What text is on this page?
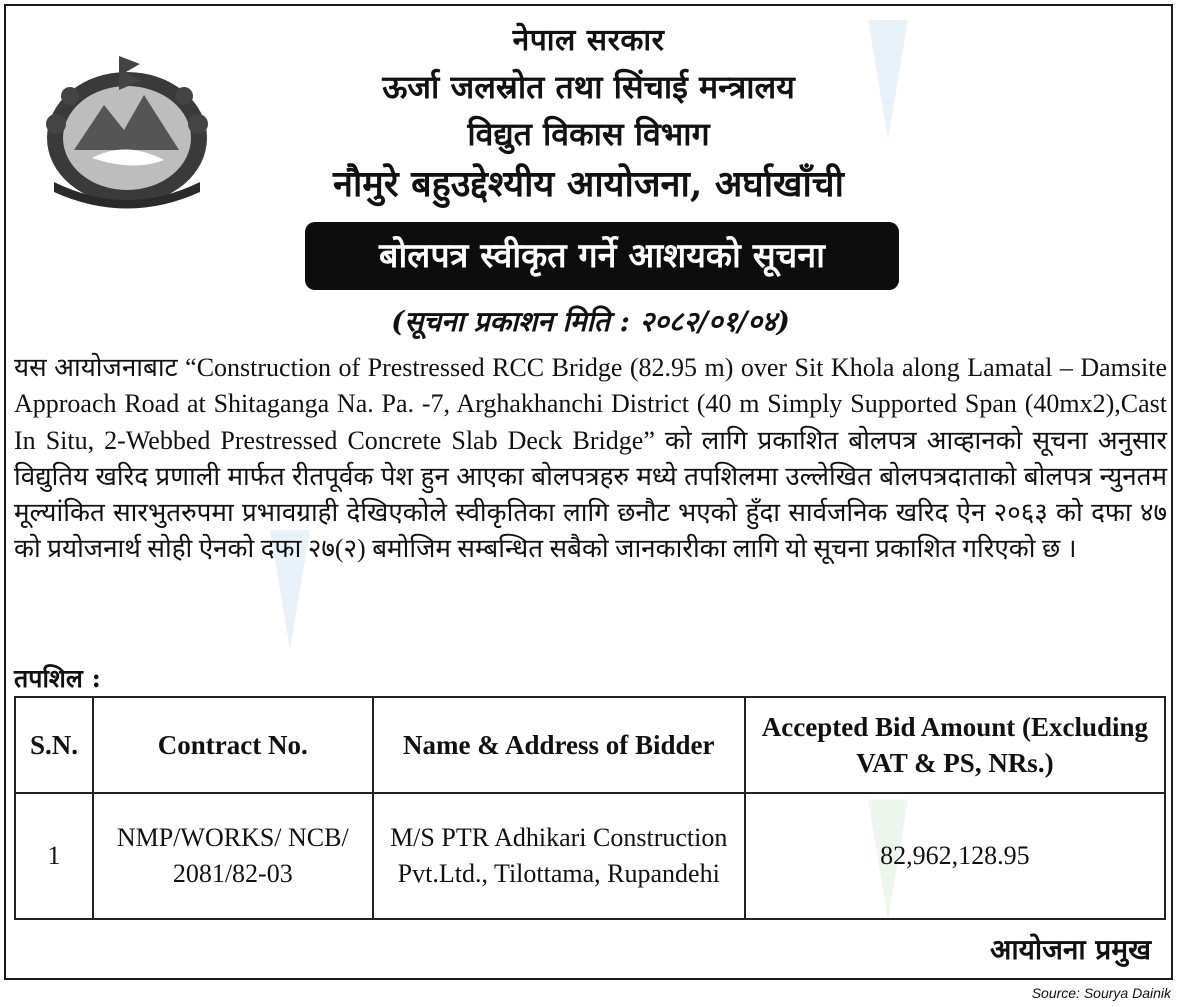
नेपाल सरकार
ऊर्जा जलस्रोत तथा सिंचाई मन्त्रालय
विद्युत विकास विभाग
नौमुरे बहुउद्देश्यीय आयोजना, अर्घाखाँची
बोलपत्र स्वीकृत गर्ने आशयको सूचना
(सूचना प्रकाशन मिति : २०८२/०१/०४)
यस आयोजनाबाट “Construction of Prestressed RCC Bridge (82.95 m) over Sit Khola along Lamatal – Damsite Approach Road at Shitaganga Na. Pa. -7, Arghakhanchi District (40 m Simply Supported Span (40mx2),Cast In Situ, 2-Webbed Prestressed Concrete Slab Deck Bridge” को लागि प्रकाशित बोलपत्र आव्हानको सूचना अनुसार विद्युतिय खरिद प्रणाली मार्फत रीतपूर्वक पेश हुन आएका बोलपत्रहरु मध्ये तपशिलमा उल्लेखित बोलपत्रदाताको बोलपत्र न्युनतम मूल्यांकित सारभुतरुपमा प्रभावग्राही देखिएकोले स्वीकृतिका लागि छनौट भएको हुँदा सार्वजनिक खरिद ऐन २०६३ को दफा ४७ को प्रयोजनार्थ सोही ऐनको दफा २७(२) बमोजिम सम्बन्धित सबैको जानकारीका लागि यो सूचना प्रकाशित गरिएको छ ।
तपशिल :
S.N.	Contract No.	Name & Address of Bidder	Accepted Bid Amount (Excluding VAT & PS, NRs.)
1	NMP/WORKS/ NCB/ 2081/82-03	M/S PTR Adhikari Construction Pvt.Ltd., Tilottama, Rupandehi	82,962,128.95
आयोजना प्रमुख
Source: Sourya Dainik
